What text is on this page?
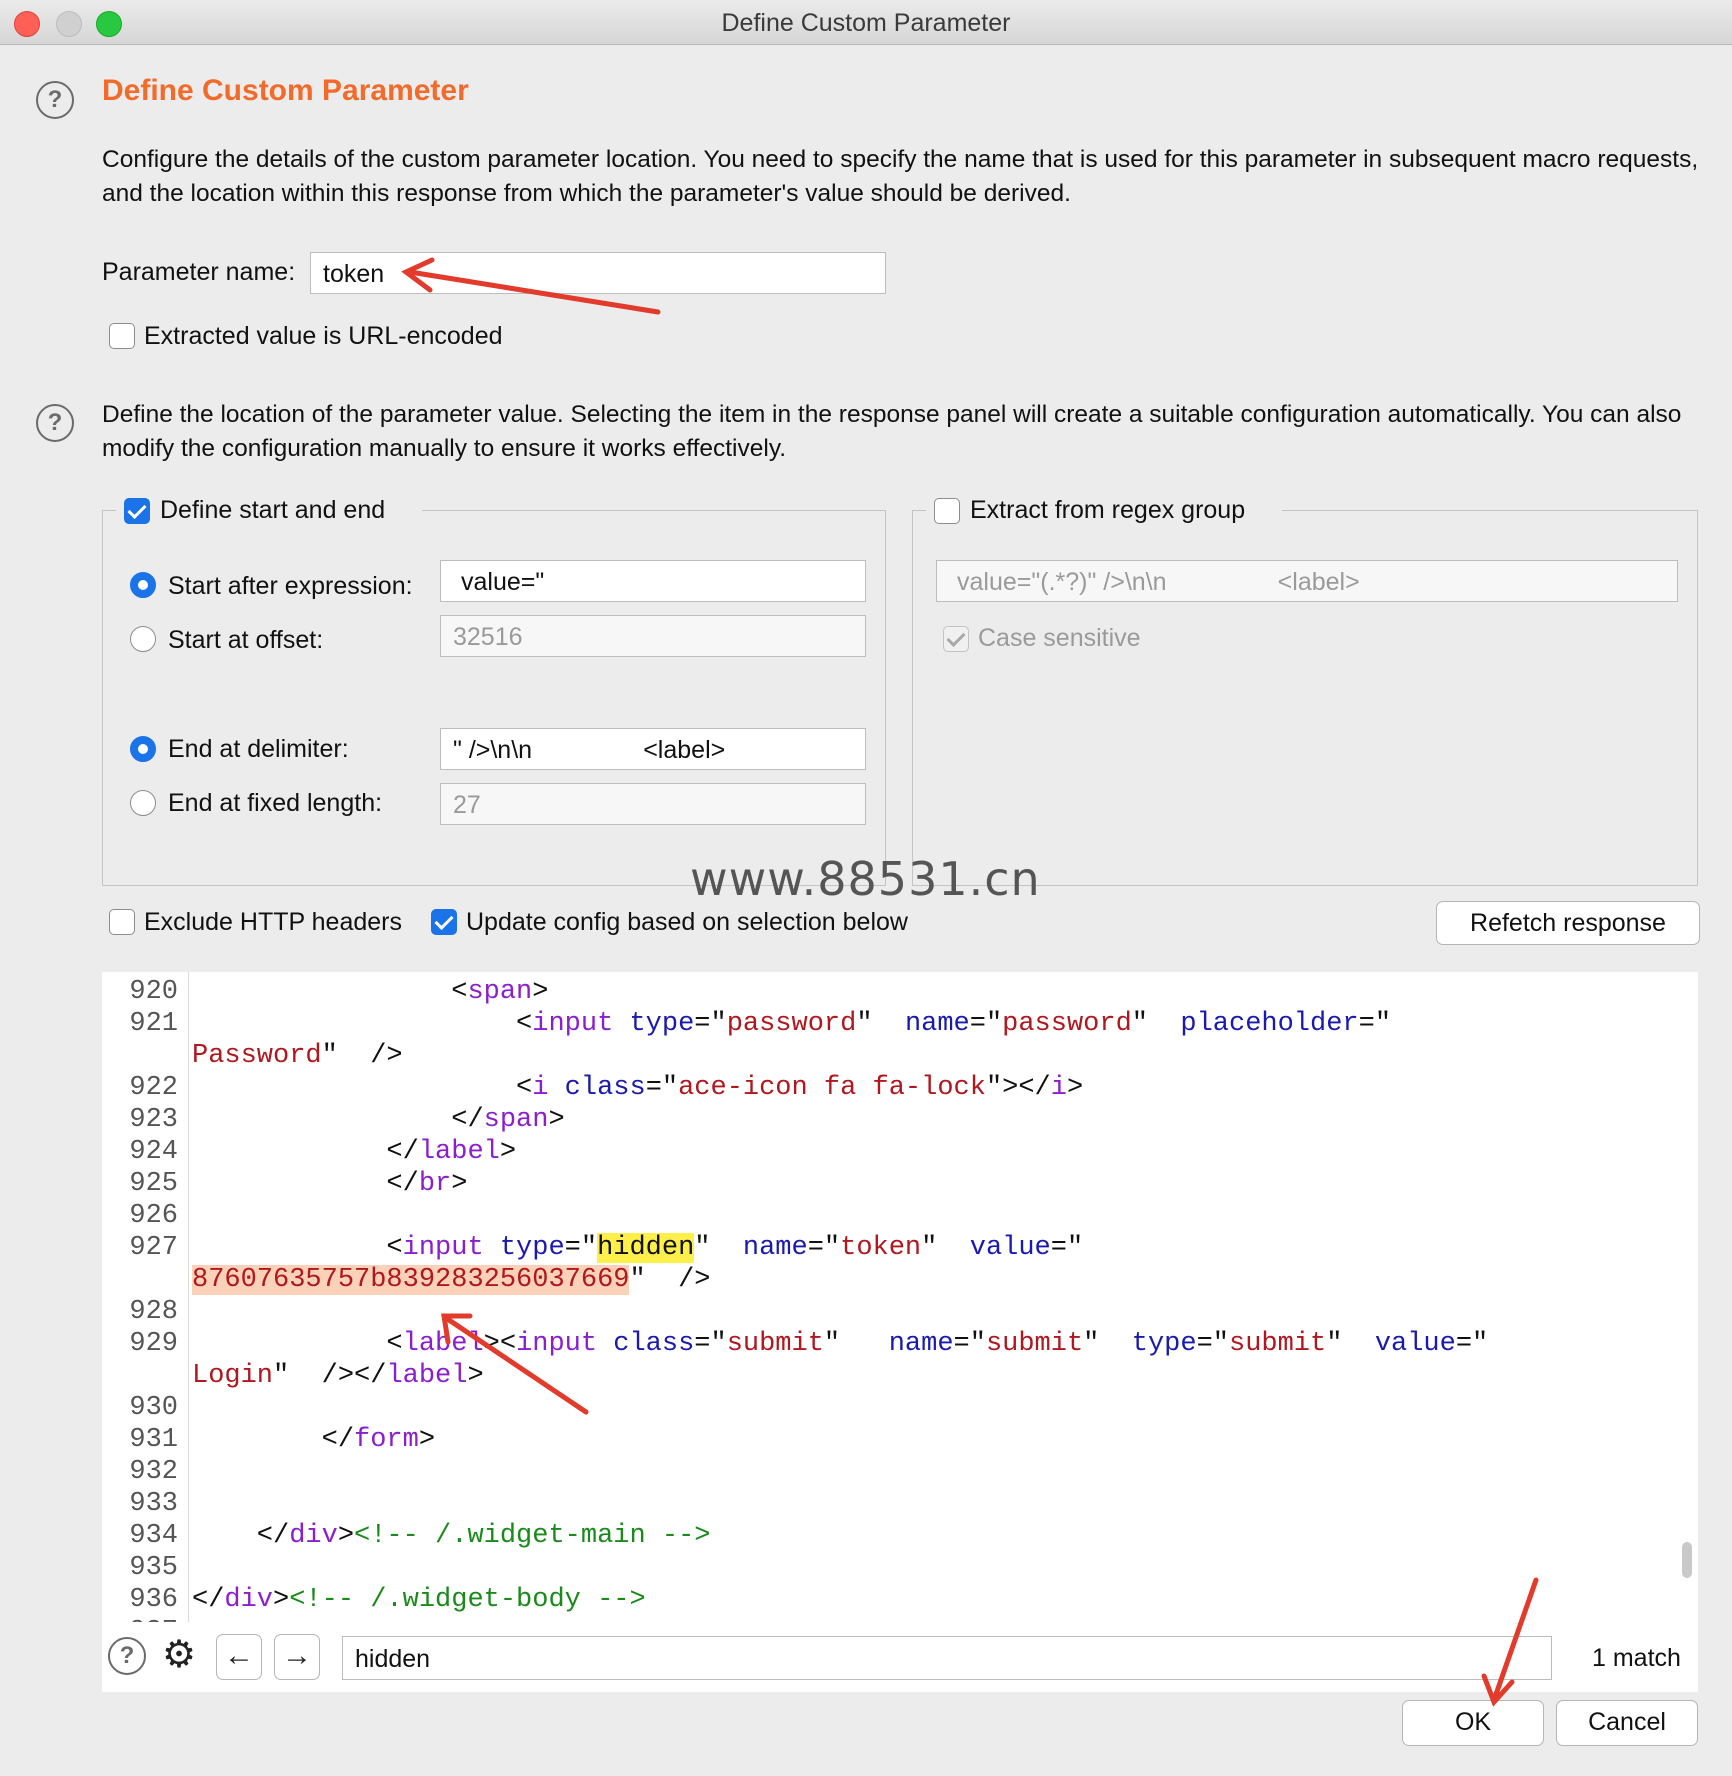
Define Custom Parameter
?	Define Custom Parameter
Configure the details of the custom parameter location. You need to specify the name that is used for this parameter in subsequent macro requests, and the location within this response from which the parameter's value should be derived.
Parameter name:	token
Extracted value is URL-encoded
?	Define the location of the parameter value. Selecting the item in the response panel will create a suitable configuration automatically. You can also modify the configuration manually to ensure it works effectively.
Define start and end
Start after expression:	value="
Start at offset:	32516
End at delimiter:	" />\n\n                <label>
End at fixed length:	27
Extract from regex group
value="(.*?)" />\n\n                <label>
Case sensitive
Exclude HTTP headers	Update config based on selection below	Refetch response
920 <span>
921 <input type="password"  name="password"  placeholder="
Password"  />
922 <i class="ace-icon fa fa-lock"></i>
923 </span>
924 </label>
925 </br>
926
927 <input type="hidden"  name="token"  value="
87607635757b839283256037669"  />
928
929 <label><input class="submit"   name="submit"  type="submit"  value="
Login"  /></label>
930
931 </form>
932
933
934 </div><!-- /.widget-main -->
935
936 </div><!-- /.widget-body -->
? ⚙ ← →	hidden	1 match
OK	Cancel
www.88531.cn
